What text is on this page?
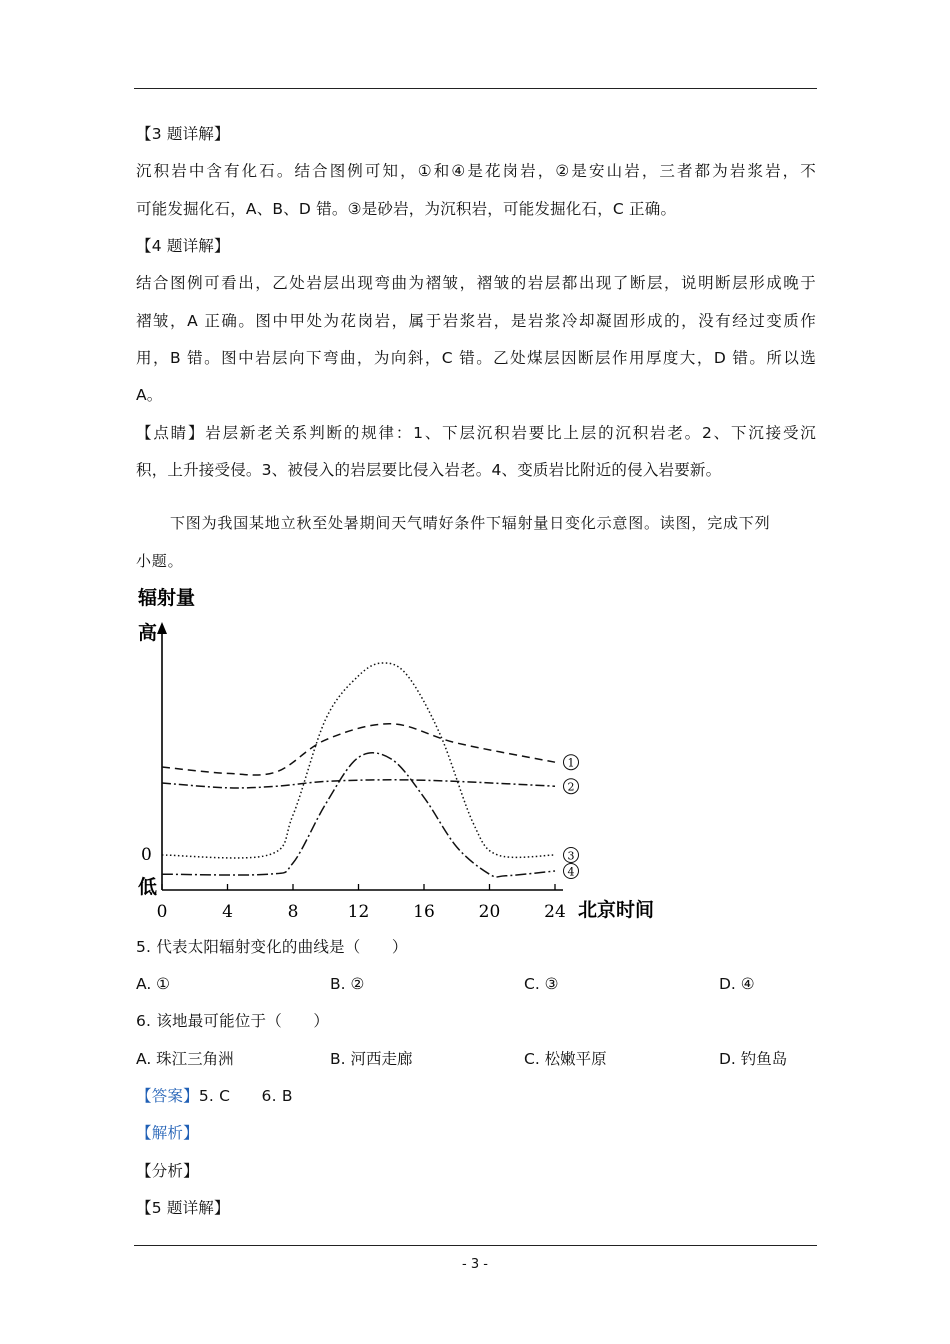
【3 题详解】
沉积岩中含有化石。结合图例可知，①和④是花岗岩，②是安山岩，三者都为岩浆岩，不
可能发掘化石，A、B、D 错。③是砂岩，为沉积岩，可能发掘化石，C 正确。
【4 题详解】
结合图例可看出，乙处岩层出现弯曲为褶皱，褶皱的岩层都出现了断层，说明断层形成晚于
褶皱，A 正确。图中甲处为花岗岩，属于岩浆岩，是岩浆冷却凝固形成的，没有经过变质作
用，B 错。图中岩层向下弯曲，为向斜，C 错。乙处煤层因断层作用厚度大，D 错。所以选
A。
【点睛】岩层新老关系判断的规律：1、下层沉积岩要比上层的沉积岩老。2、下沉接受沉
积，上升接受侵。3、被侵入的岩层要比侵入岩老。4、变质岩比附近的侵入岩要新。
下图为我国某地立秋至处暑期间天气晴好条件下辐射量日变化示意图。读图，完成下列
小题。
辐射量
高
0
低
北京时间
0	4	8	12	16	20	24
1
2
3
4
5. 代表太阳辐射变化的曲线是（　　）
A. ①	B. ②	C. ③	D. ④
6. 该地最可能位于（　　）
A. 珠江三角洲	B. 河西走廊	C. 松嫩平原	D. 钓鱼岛
【答案】5. C　　6. B
【解析】
【分析】
【5 题详解】
- 3 -
